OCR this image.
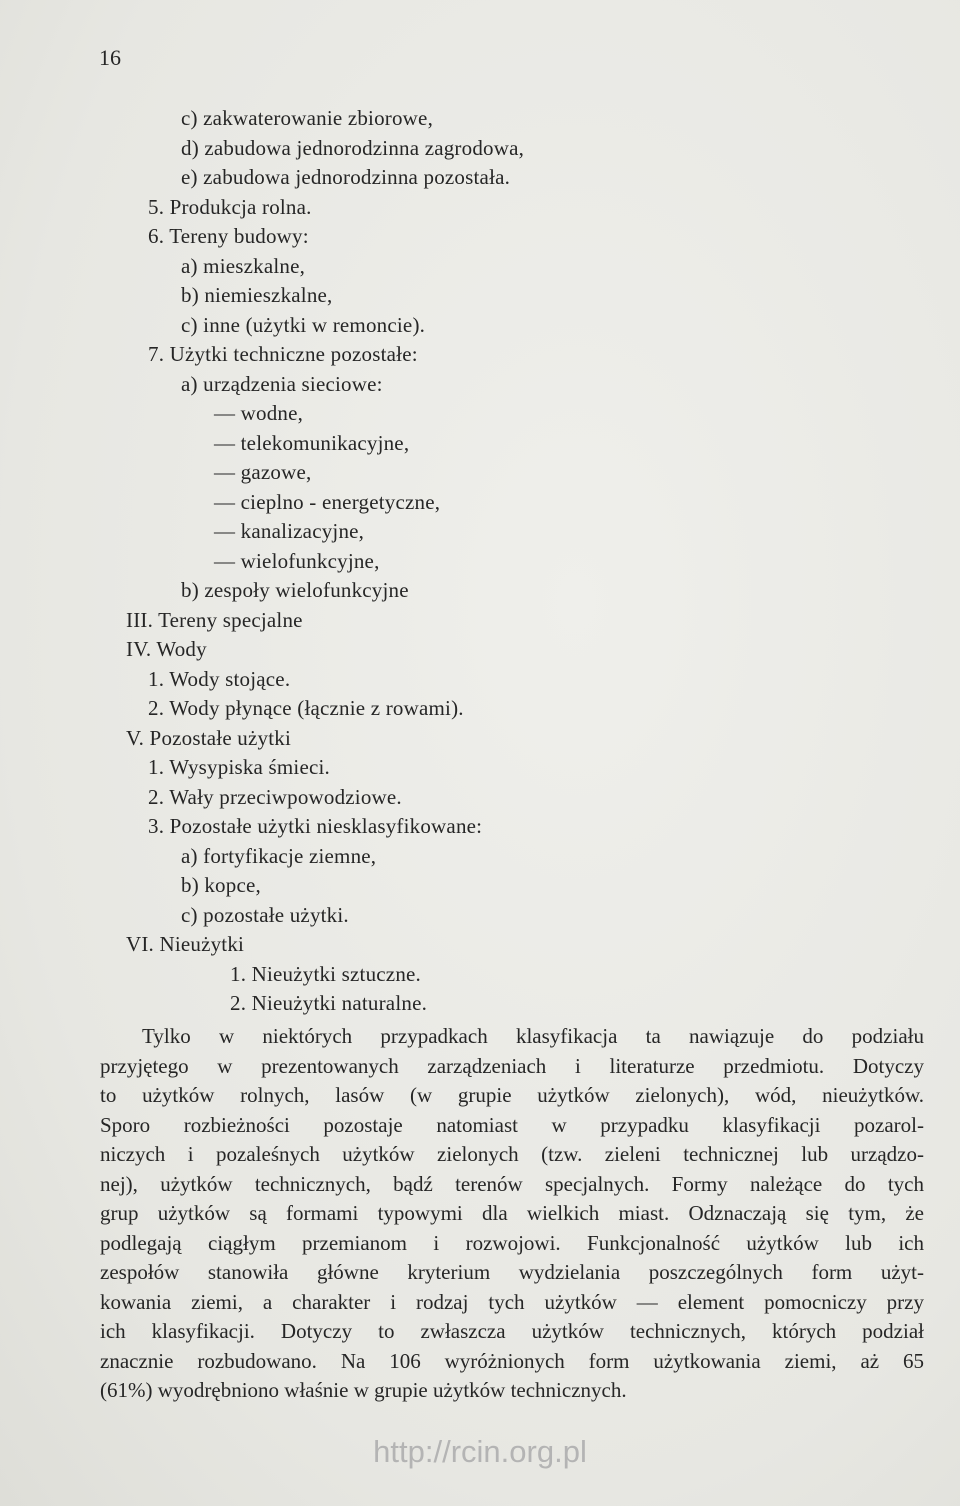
16
c) zakwaterowanie zbiorowe,
d) zabudowa jednorodzinna zagrodowa,
e) zabudowa jednorodzinna pozostała.
5. Produkcja rolna.
6. Tereny budowy:
a) mieszkalne,
b) niemieszkalne,
c) inne (użytki w remoncie).
7. Użytki techniczne pozostałe:
a) urządzenia sieciowe:
— wodne,
— telekomunikacyjne,
— gazowe,
— cieplno - energetyczne,
— kanalizacyjne,
— wielofunkcyjne,
b) zespoły wielofunkcyjne
III. Tereny specjalne
IV. Wody
1. Wody stojące.
2. Wody płynące (łącznie z rowami).
V. Pozostałe użytki
1. Wysypiska śmieci.
2. Wały przeciwpowodziowe.
3. Pozostałe użytki niesklasyfikowane:
a) fortyfikacje ziemne,
b) kopce,
c) pozostałe użytki.
VI. Nieużytki
1. Nieużytki sztuczne.
2. Nieużytki naturalne.
Tylko w niektórych przypadkach klasyfikacja ta nawiązuje do podziału
przyjętego w prezentowanych zarządzeniach i literaturze przedmiotu. Dotyczy
to użytków rolnych, lasów (w grupie użytków zielonych), wód, nieużytków.
Sporo rozbieżności pozostaje natomiast w przypadku klasyfikacji pozarol-
niczych i pozaleśnych użytków zielonych (tzw. zieleni technicznej lub urządzo-
nej), użytków technicznych, bądź terenów specjalnych. Formy należące do tych
grup użytków są formami typowymi dla wielkich miast. Odznaczają się tym, że
podlegają ciągłym przemianom i rozwojowi. Funkcjonalność użytków lub ich
zespołów stanowiła główne kryterium wydzielania poszczególnych form użyt-
kowania ziemi, a charakter i rodzaj tych użytków — element pomocniczy przy
ich klasyfikacji. Dotyczy to zwłaszcza użytków technicznych, których podział
znacznie rozbudowano. Na 106 wyróżnionych form użytkowania ziemi, aż 65
(61%) wyodrębniono właśnie w grupie użytków technicznych.
http://rcin.org.pl
